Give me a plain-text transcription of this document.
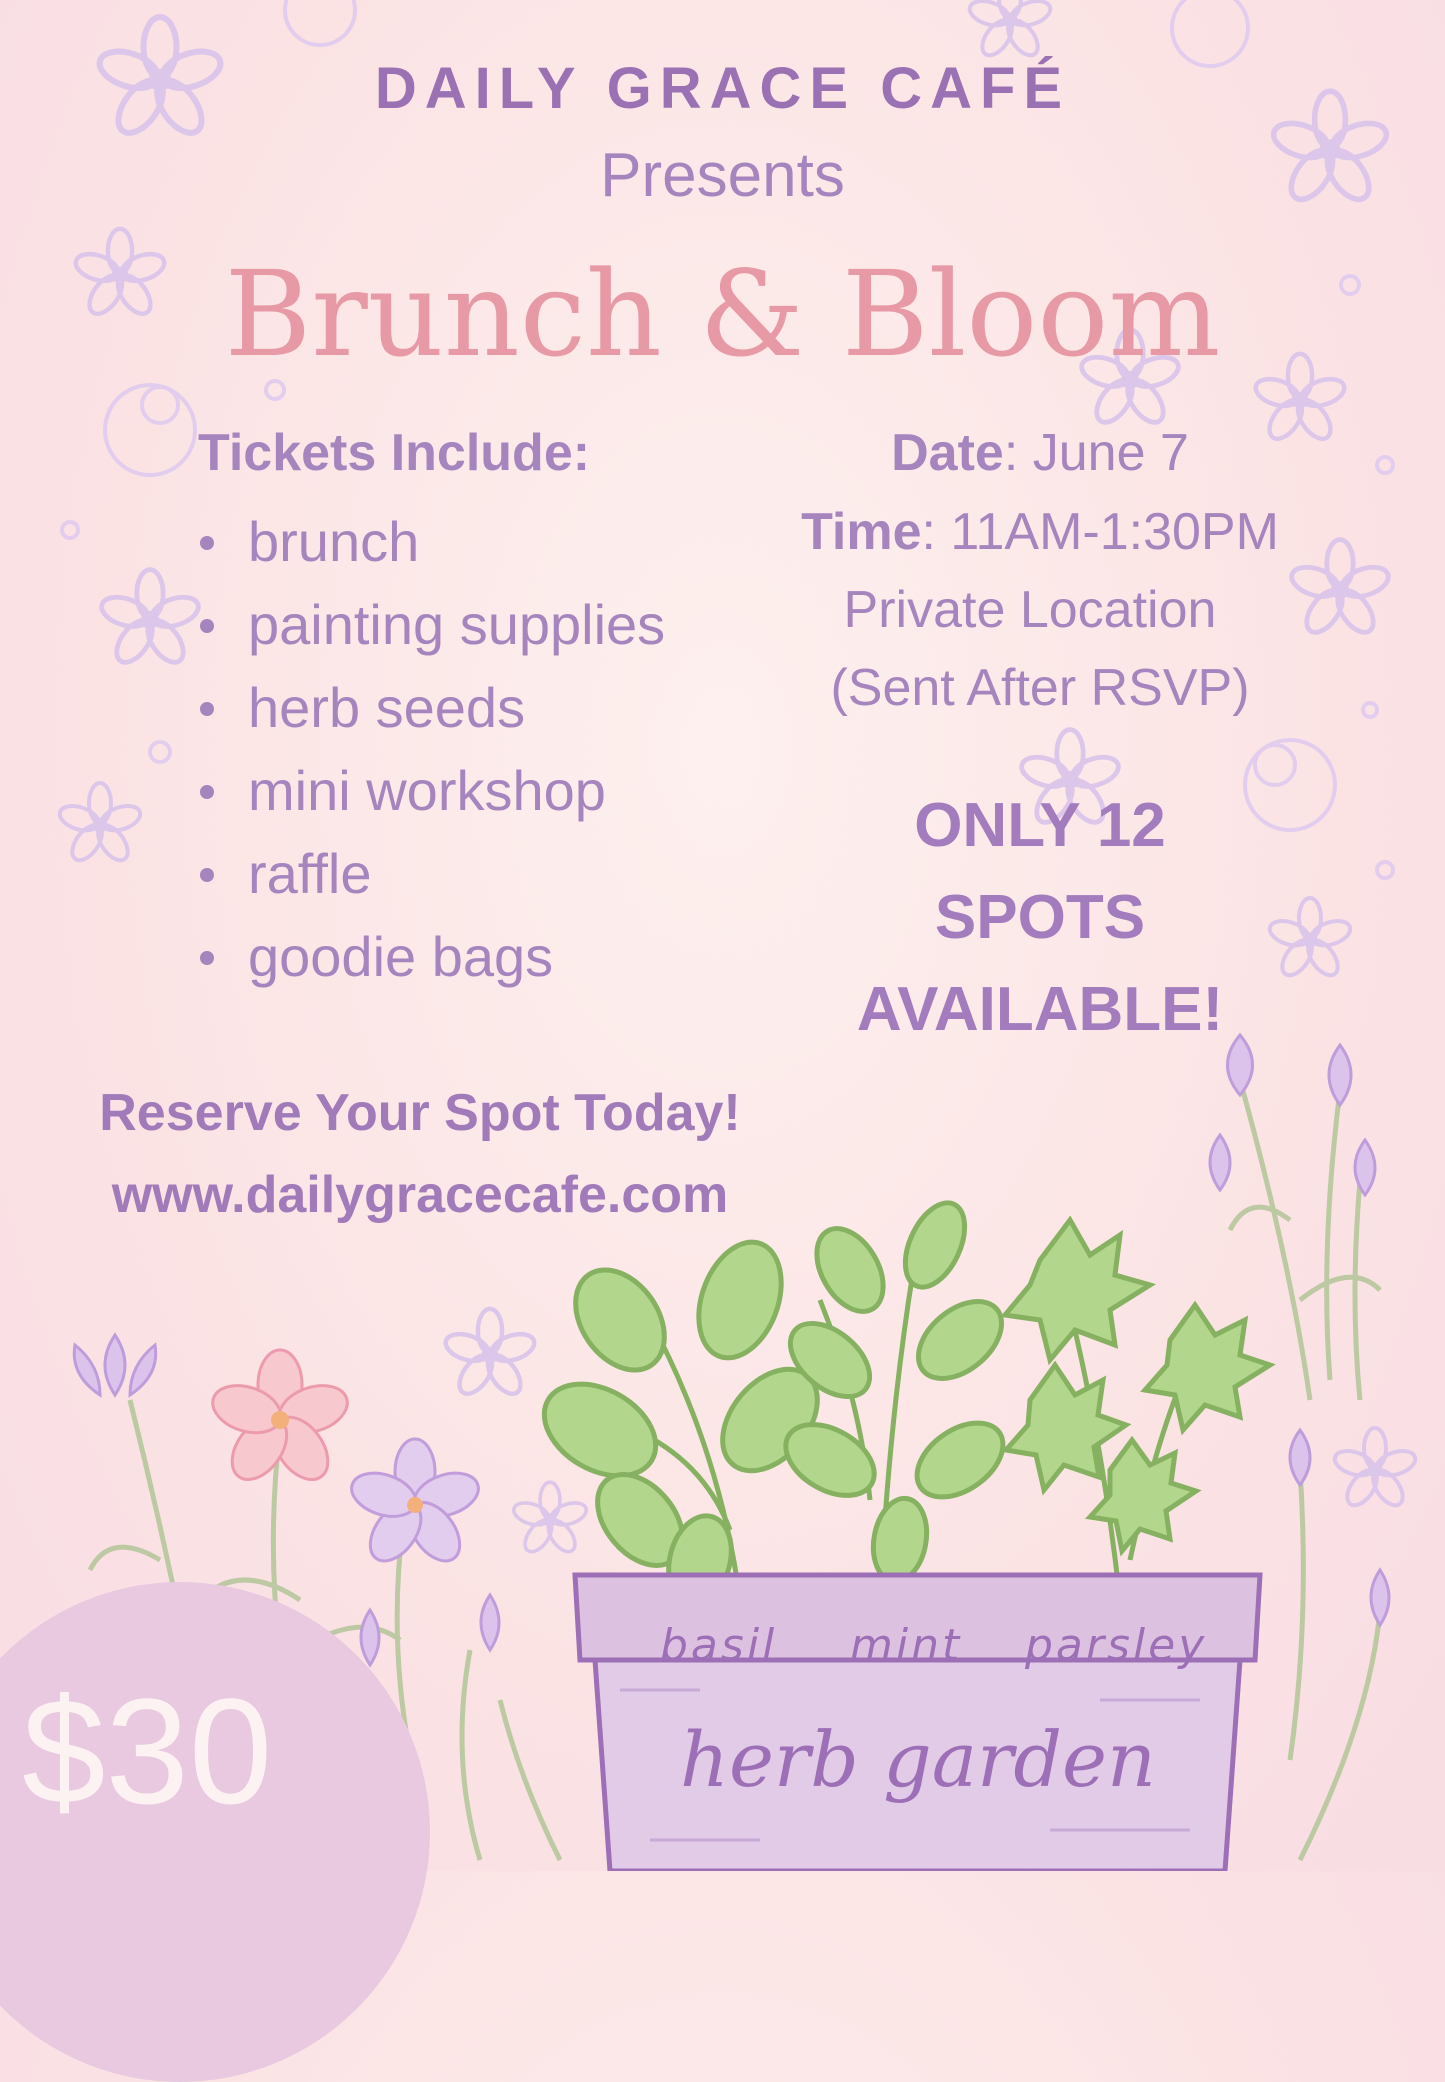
DAILY GRACE CAFÉ
Presents
Brunch & Bloom
Tickets Include:
brunch
painting supplies
herb seeds
mini workshop
raffle
goodie bags
Date: June 7
Time: 11AM-1:30PM
Private Location
(Sent After RSVP)
ONLY 12
SPOTS
AVAILABLE!
Reserve Your Spot Today!
www.dailygracecafe.com
$30
basil mint parsley
herb garden
